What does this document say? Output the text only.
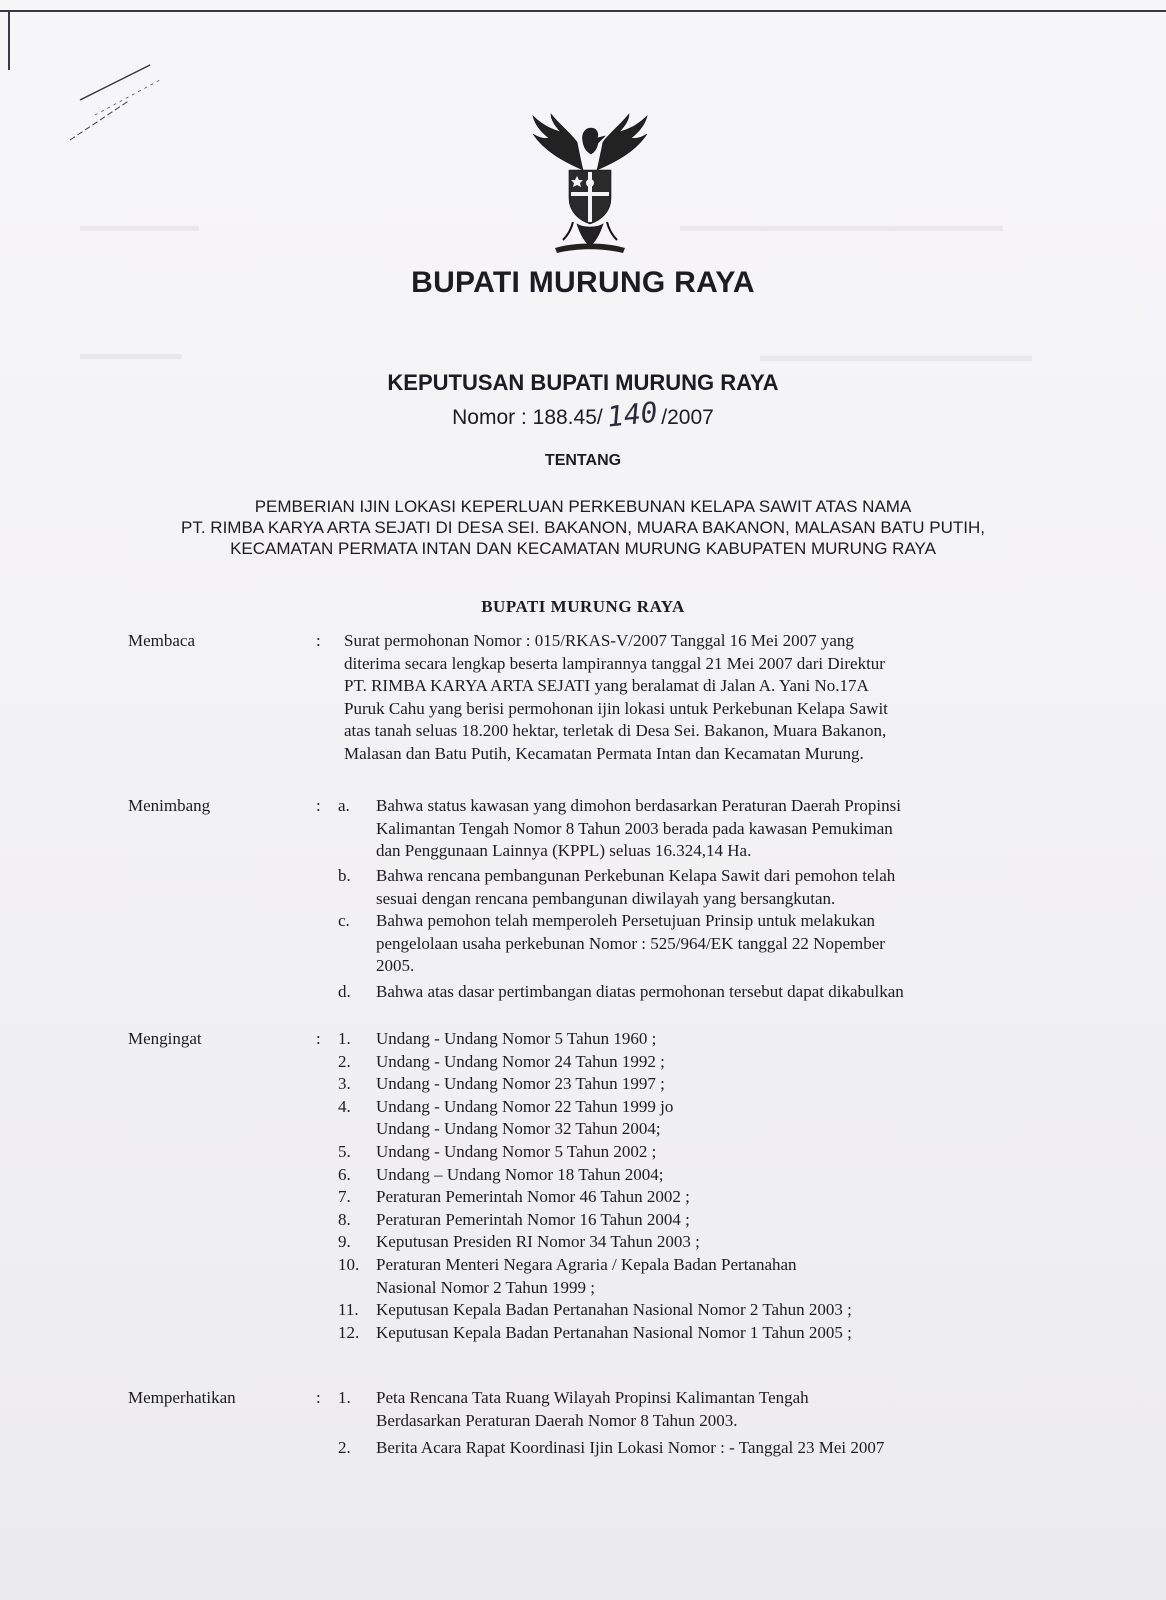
▬▬▬▬▬▬▬
▬▬▬▬▬▬
▬▬▬▬▬▬▬▬▬▬▬▬▬▬▬▬▬▬▬
▬▬▬▬▬▬▬▬▬▬▬▬▬▬▬▬
BUPATI MURUNG RAYA
KEPUTUSAN BUPATI MURUNG RAYA
Nomor : 188.45/140 /2007
TENTANG
PEMBERIAN IJIN LOKASI KEPERLUAN PERKEBUNAN KELAPA SAWIT ATAS NAMA
PT. RIMBA KARYA ARTA SEJATI DI DESA SEI. BAKANON, MUARA BAKANON, MALASAN BATU PUTIH,
KECAMATAN PERMATA INTAN DAN KECAMATAN MURUNG KABUPATEN MURUNG RAYA
BUPATI MURUNG RAYA
Membaca	: Surat permohonan Nomor : 015/RKAS-V/2007 Tanggal 16 Mei 2007 yang
diterima secara lengkap beserta lampirannya tanggal 21 Mei 2007 dari Direktur
PT. RIMBA KARYA ARTA SEJATI yang beralamat di Jalan A. Yani No.17A
Puruk Cahu yang berisi permohonan ijin lokasi untuk Perkebunan Kelapa Sawit
atas tanah seluas 18.200 hektar, terletak di Desa Sei. Bakanon, Muara Bakanon,
Malasan dan Batu Putih, Kecamatan Permata Intan dan Kecamatan Murung.
Menimbang	: a.	Bahwa status kawasan yang dimohon berdasarkan Peraturan Daerah Propinsi
Kalimantan Tengah Nomor 8 Tahun 2003 berada pada kawasan Pemukiman
dan Penggunaan Lainnya (KPPL) seluas 16.324,14 Ha.
b.	Bahwa rencana pembangunan Perkebunan Kelapa Sawit dari pemohon telah
sesuai dengan rencana pembangunan diwilayah yang bersangkutan.
c.	Bahwa pemohon telah memperoleh Persetujuan Prinsip untuk melakukan
pengelolaan usaha perkebunan Nomor : 525/964/EK tanggal 22 Nopember
2005.
d.	Bahwa atas dasar pertimbangan diatas permohonan tersebut dapat dikabulkan
Mengingat	: 1.	Undang - Undang Nomor 5 Tahun 1960 ;
2.	Undang - Undang Nomor 24 Tahun 1992 ;
3.	Undang - Undang Nomor 23 Tahun 1997 ;
4.	Undang - Undang Nomor 22 Tahun 1999 jo
Undang - Undang Nomor 32 Tahun 2004;
5.	Undang - Undang Nomor 5 Tahun 2002 ;
6.	Undang – Undang Nomor 18 Tahun 2004;
7.	Peraturan Pemerintah Nomor 46 Tahun 2002 ;
8.	Peraturan Pemerintah Nomor 16 Tahun 2004 ;
9.	Keputusan Presiden RI Nomor 34 Tahun 2003 ;
10. Peraturan Menteri Negara Agraria / Kepala Badan Pertanahan
Nasional Nomor 2 Tahun 1999 ;
11.	Keputusan Kepala Badan Pertanahan Nasional Nomor 2 Tahun 2003 ;
12. Keputusan Kepala Badan Pertanahan Nasional Nomor 1 Tahun 2005 ;
Memperhatikan	: 1.	Peta Rencana Tata Ruang Wilayah Propinsi Kalimantan Tengah
Berdasarkan Peraturan Daerah Nomor 8 Tahun 2003.
2.	Berita Acara Rapat Koordinasi Ijin Lokasi Nomor : - Tanggal 23 Mei 2007
